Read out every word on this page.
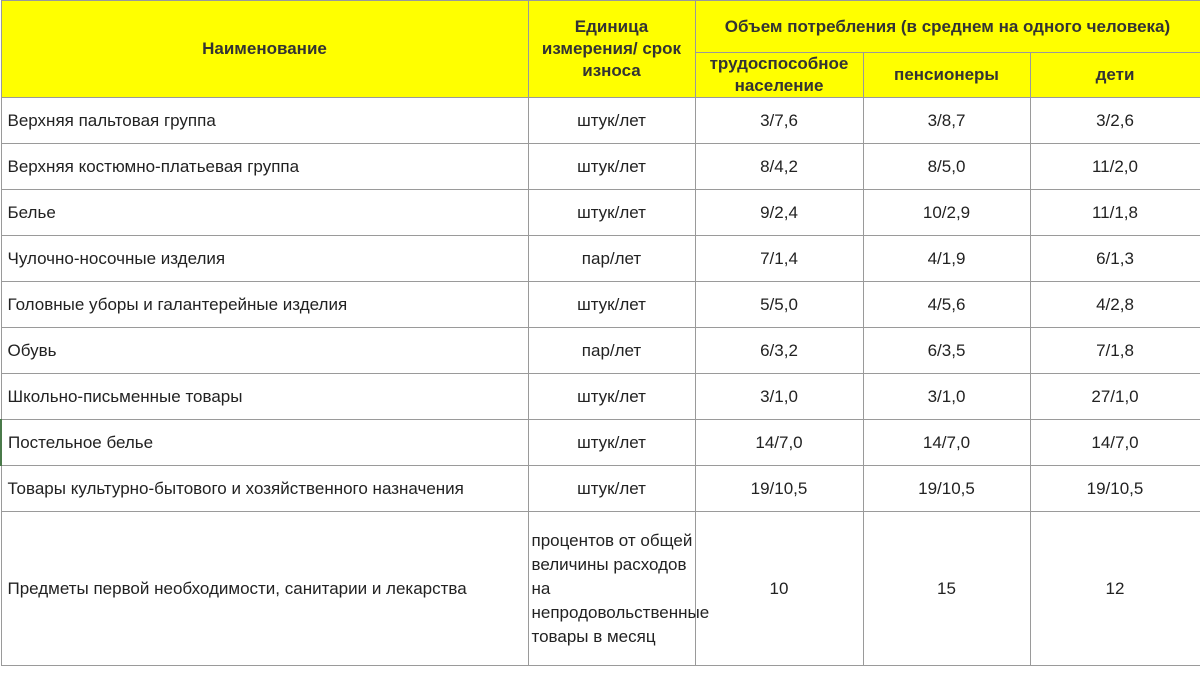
Наименование	Единица измерения/ срок износа	Объем потребления (в среднем на одного человека)		
		трудоспособное население	пенсионеры	дети
Верхняя пальтовая группа	штук/лет	3/7,6	3/8,7	3/2,6
Верхняя костюмно-платьевая группа	штук/лет	8/4,2	8/5,0	11/2,0
Белье	штук/лет	9/2,4	10/2,9	11/1,8
Чулочно-носочные изделия	пар/лет	7/1,4	4/1,9	6/1,3
Головные уборы и галантерейные изделия	штук/лет	5/5,0	4/5,6	4/2,8
Обувь	пар/лет	6/3,2	6/3,5	7/1,8
Школьно-письменные товары	штук/лет	3/1,0	3/1,0	27/1,0
Постельное белье	штук/лет	14/7,0	14/7,0	14/7,0
Товары культурно-бытового и хозяйственного назначения	штук/лет	19/10,5	19/10,5	19/10,5
Предметы первой необходимости, санитарии и лекарства	процентов от общей величины расходов на непродовольственные товары в месяц	10	15	12
